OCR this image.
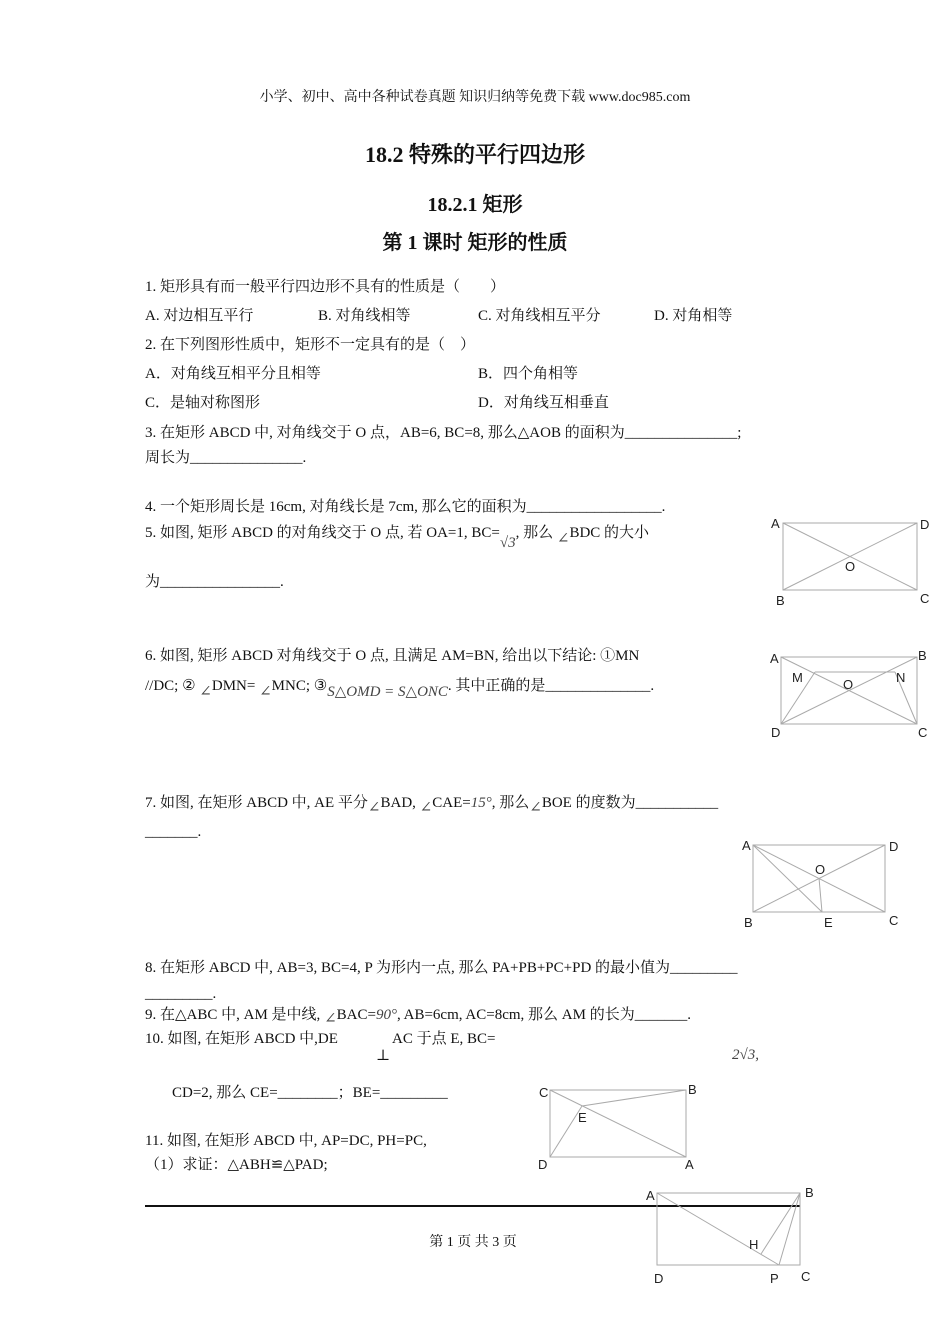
小学、初中、高中各种试卷真题 知识归纳等免费下载 www.doc985.com
18.2 特殊的平行四边形
18.2.1 矩形
第 1 课时 矩形的性质
1. 矩形具有而一般平行四边形不具有的性质是（　　）
A. 对边相互平行	B. 对角线相等	C. 对角线相互平分	D. 对角相等
2. 在下列图形性质中，矩形不一定具有的是（　）
A．对角线互相平分且相等	B．四个角相等
C．是轴对称图形	D．对角线互相垂直
3. 在矩形 ABCD 中, 对角线交于 O 点，AB=6, BC=8, 那么△AOB 的面积为_______________;
周长为_______________.
4. 一个矩形周长是 16cm, 对角线长是 7cm, 那么它的面积为__________________.
5. 如图, 矩形 ABCD 的对角线交于 O 点, 若 OA=1, BC=√3, 那么 ∠BDC 的大小
为________________.
6. 如图, 矩形 ABCD 对角线交于 O 点, 且满足 AM=BN, 给出以下结论: ①MN
//DC; ② ∠DMN= ∠MNC; ③S△OMD = S△ONC. 其中正确的是______________.
7. 如图, 在矩形 ABCD 中, AE 平分∠BAD, ∠CAE=15°, 那么∠BOE 的度数为___________
_______.
8. 在矩形 ABCD 中, AB=3, BC=4, P 为形内一点, 那么 PA+PB+PC+PD 的最小值为_________
_________.
9. 在△ABC 中, AM 是中线, ∠BAC=90°, AB=6cm, AC=8cm, 那么 AM 的长为_______.
10. 如图, 在矩形 ABCD 中,DE
⊥
AC 于点 E, BC=
2√3,
CD=2, 那么 CE=________；BE=_________
11. 如图, 在矩形 ABCD 中, AP=DC, PH=PC,
（1）求证：△ABH≌△PAD;
第 1 页 共 3 页
A	D
O
B	C
A	B
M	O	N
D	C
A	D
O
B	E	C
C	B
E
D	A
A	B
H
D	P C
